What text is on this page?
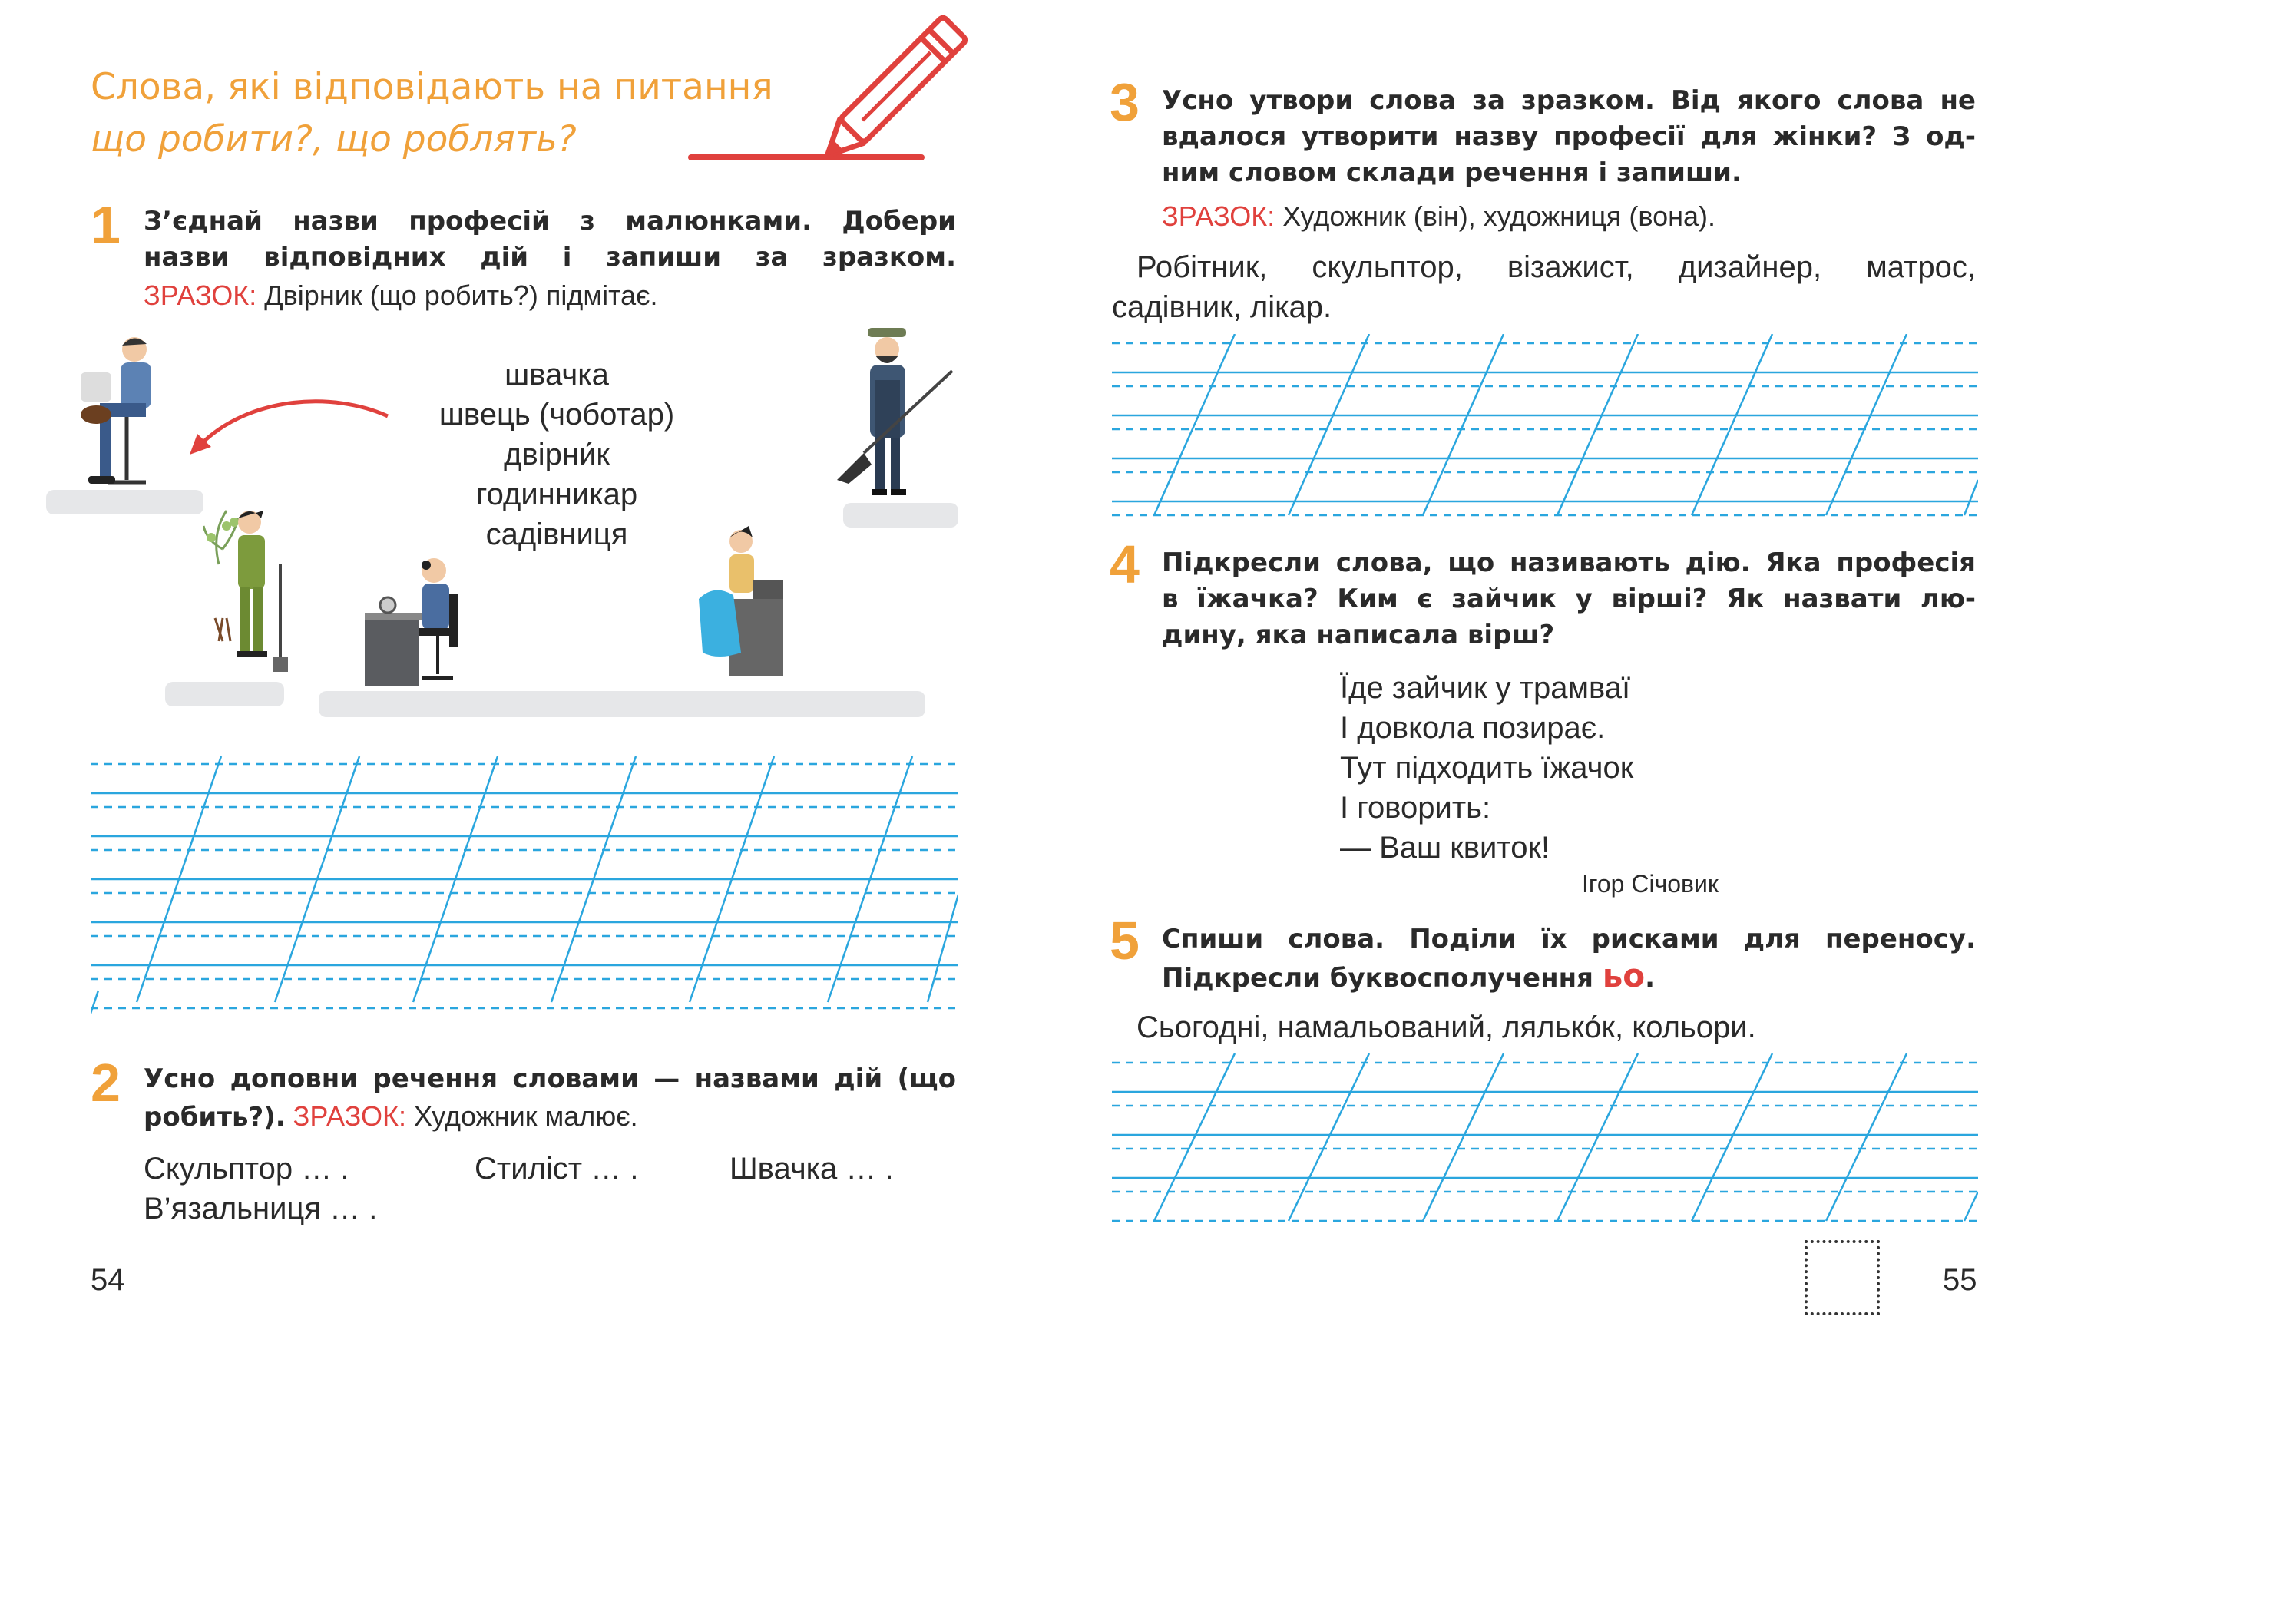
Слова, які відповідають на питання
що робити?, що роблять?
1 З’єднай назви професій з малюнками. Добери
назви відповідних дій і запиши за зразком.
ЗРАЗОК: Двірник (що робить?) підмітає.
швачка
швець (чоботар)
двірни́к
годинникар
садівниця
2 Усно доповни речення словами — назвами дій (що
робить?). ЗРАЗОК: Художник малює.
Скульптор … .	Стиліст … .	Швачка … .
В’язальниця … .
54
3 Усно утвори слова за зразком. Від якого слова не
вдалося утворити назву професії для жінки? З од-
ним словом склади речення і запиши.
ЗРАЗОК: Художник (він), художниця (вона).
Робітник, скульптор, візажист, дизайнер, матрос,
садівник, лікар.
4 Підкресли слова, що називають дію. Яка професія
в їжачка? Ким є зайчик у вірші? Як назвати лю-
дину, яка написала вірш?
Їде зайчик у трамваї
І довкола позирає.
Тут підходить їжачок
І говорить:
— Ваш квиток!
Ігор Січовик
5 Спиши слова. Поділи їх рисками для переносу.
Підкресли буквосполучення ьо.
Сьогодні, намальований, лялько́к, кольори.
55
